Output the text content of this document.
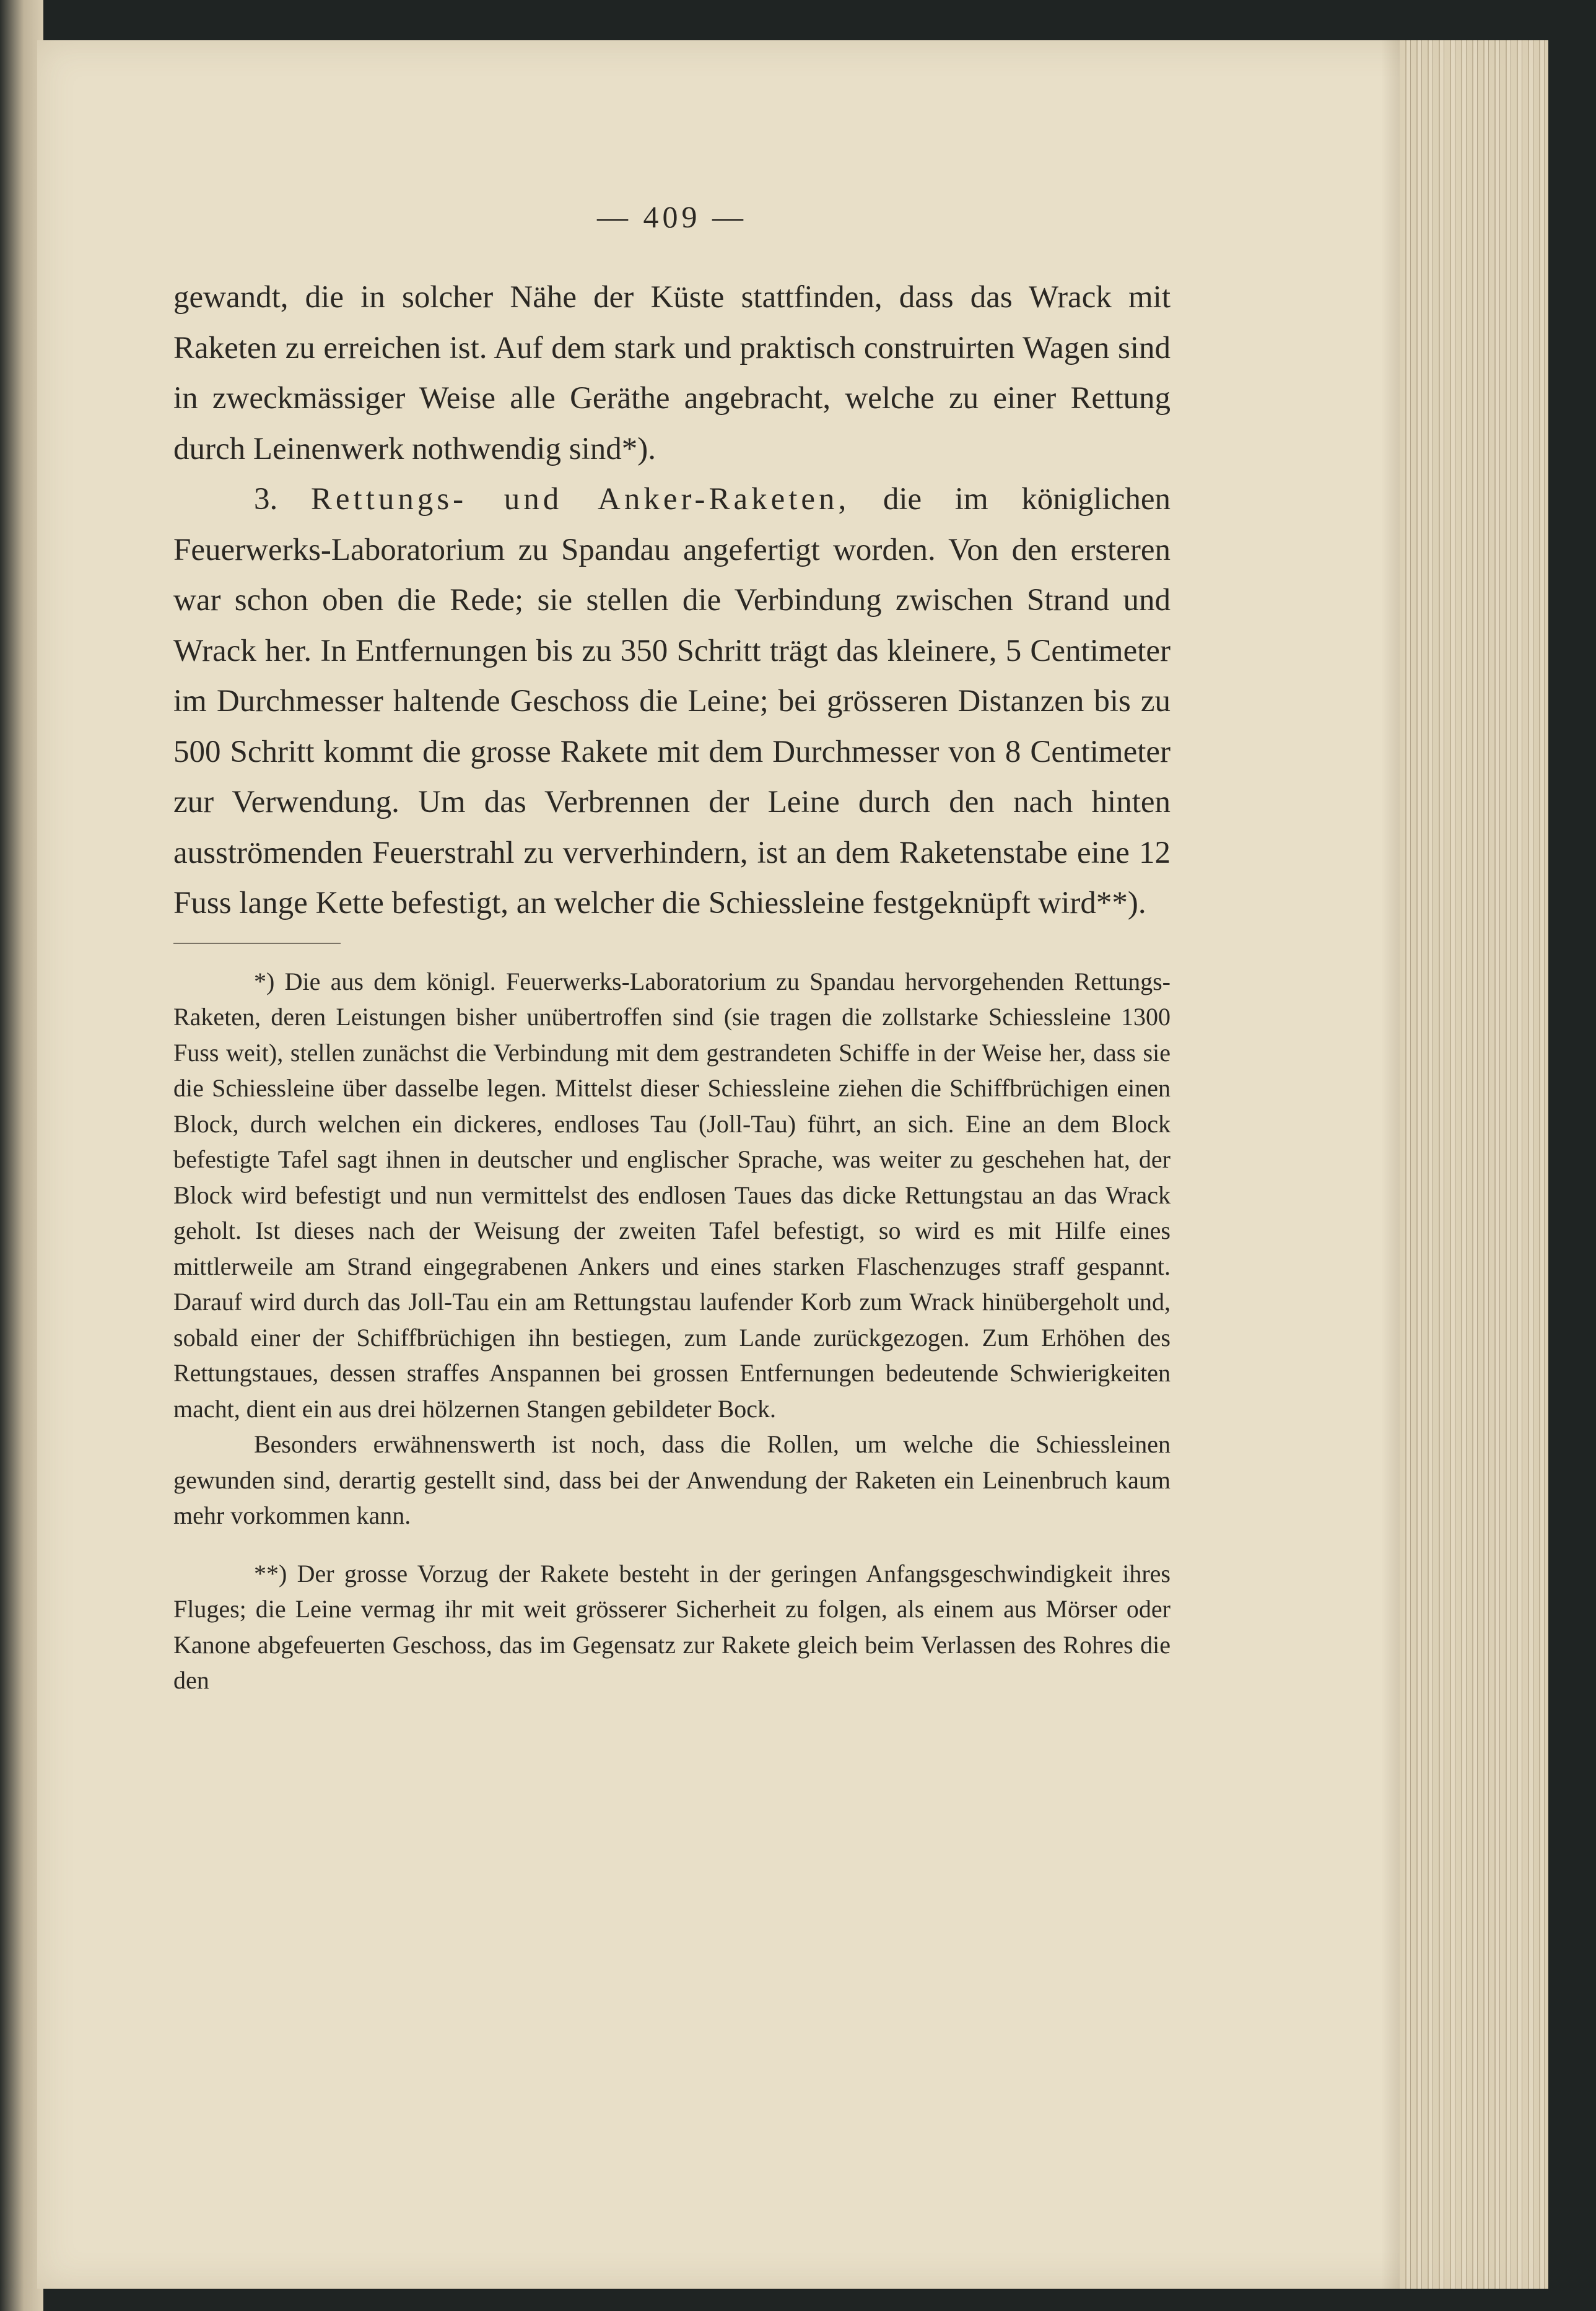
— 409 —

gewandt, die in solcher Nähe der Küste stattfinden, dass das Wrack mit Raketen zu erreichen ist. Auf dem stark und praktisch construirten Wagen sind in zweckmässiger Weise alle Geräthe angebracht, welche zu einer Rettung durch Leinenwerk nothwendig sind*).

3. Rettungs- und Anker-Raketen, die im königlichen Feuerwerks-Laboratorium zu Spandau angefertigt worden. Von den ersteren war schon oben die Rede; sie stellen die Verbindung zwischen Strand und Wrack her. In Entfernungen bis zu 350 Schritt trägt das kleinere, 5 Centimeter im Durchmesser haltende Geschoss die Leine; bei grösseren Distanzen bis zu 500 Schritt kommt die grosse Rakete mit dem Durchmesser von 8 Centimeter zur Verwendung. Um das Verbrennen der Leine durch den nach hinten ausströmenden Feuerstrahl zu ververhindern, ist an dem Raketenstabe eine 12 Fuss lange Kette befestigt, an welcher die Schiessleine festgeknüpft wird**).

*) Die aus dem königl. Feuerwerks-Laboratorium zu Spandau hervorgehenden Rettungs-Raketen, deren Leistungen bisher unübertroffen sind (sie tragen die zollstarke Schiessleine 1300 Fuss weit), stellen zunächst die Verbindung mit dem gestrandeten Schiffe in der Weise her, dass sie die Schiessleine über dasselbe legen. Mittelst dieser Schiessleine ziehen die Schiffbrüchigen einen Block, durch welchen ein dickeres, endloses Tau (Joll-Tau) führt, an sich. Eine an dem Block befestigte Tafel sagt ihnen in deutscher und englischer Sprache, was weiter zu geschehen hat, der Block wird befestigt und nun vermittelst des endlosen Taues das dicke Rettungstau an das Wrack geholt. Ist dieses nach der Weisung der zweiten Tafel befestigt, so wird es mit Hilfe eines mittlerweile am Strand eingegrabenen Ankers und eines starken Flaschenzuges straff gespannt. Darauf wird durch das Joll-Tau ein am Rettungstau laufender Korb zum Wrack hinübergeholt und, sobald einer der Schiffbrüchigen ihn bestiegen, zum Lande zurückgezogen. Zum Erhöhen des Rettungstaues, dessen straffes Anspannen bei grossen Entfernungen bedeutende Schwierigkeiten macht, dient ein aus drei hölzernen Stangen gebildeter Bock.

Besonders erwähnenswerth ist noch, dass die Rollen, um welche die Schiessleinen gewunden sind, derartig gestellt sind, dass bei der Anwendung der Raketen ein Leinenbruch kaum mehr vorkommen kann.

**) Der grosse Vorzug der Rakete besteht in der geringen Anfangsgeschwindigkeit ihres Fluges; die Leine vermag ihr mit weit grösserer Sicherheit zu folgen, als einem aus Mörser oder Kanone abgefeuerten Geschoss, das im Gegensatz zur Rakete gleich beim Verlassen des Rohres die den
